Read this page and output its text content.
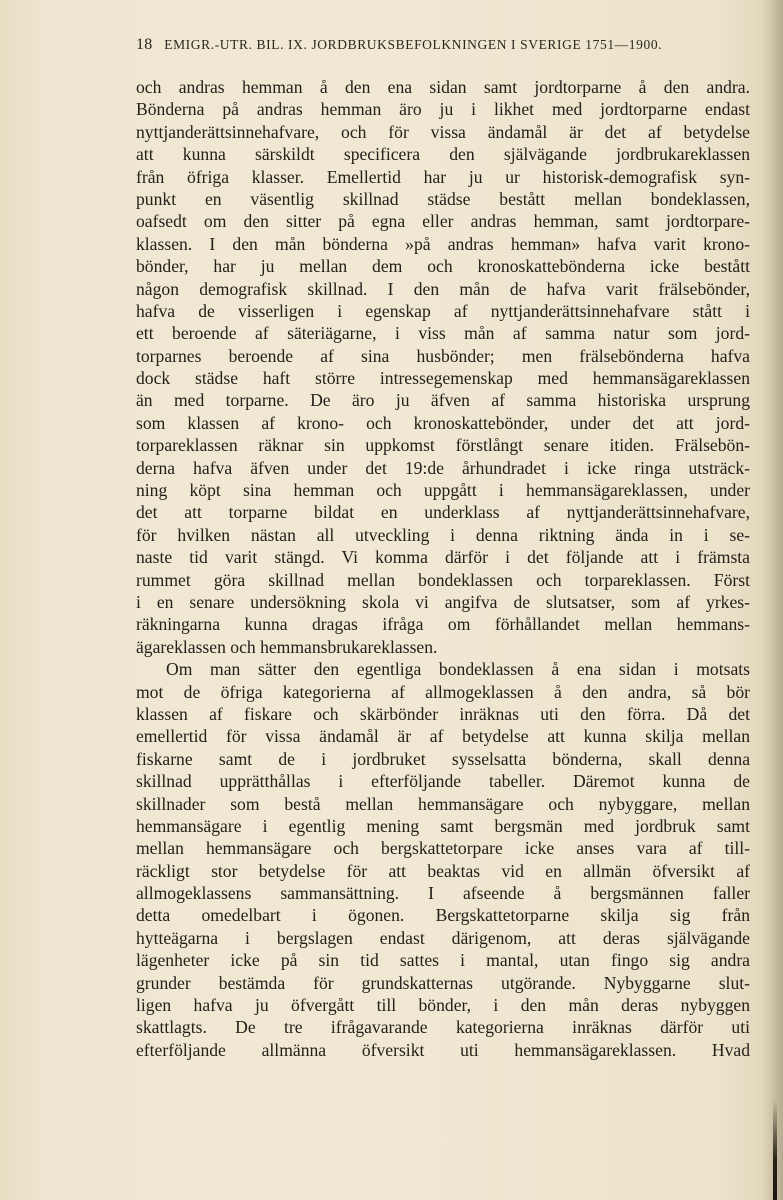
18 EMIGR.-UTR. BIL. IX. JORDBRUKSBEFOLKNINGEN I SVERIGE 1751—1900.
och andras hemman å den ena sidan samt jordtorparne å den andra.
Bönderna på andras hemman äro ju i likhet med jordtorparne endast
nyttjanderättsinnehafvare, och för vissa ändamål är det af betydelse
att kunna särskildt specificera den självägande jordbrukareklassen
från öfriga klasser. Emellertid har ju ur historisk-demografisk syn-
punkt en väsentlig skillnad städse bestått mellan bondeklassen,
oafsedt om den sitter på egna eller andras hemman, samt jordtorpare-
klassen. I den mån bönderna »på andras hemman» hafva varit krono-
bönder, har ju mellan dem och kronoskattebönderna icke bestått
någon demografisk skillnad. I den mån de hafva varit frälsebönder,
hafva de visserligen i egenskap af nyttjanderättsinnehafvare stått i
ett beroende af säteriägarne, i viss mån af samma natur som jord-
torparnes beroende af sina husbönder; men frälsebönderna hafva
dock städse haft större intressegemenskap med hemmansägareklassen
än med torparne. De äro ju äfven af samma historiska ursprung
som klassen af krono- och kronoskattebönder, under det att jord-
torpareklassen räknar sin uppkomst förstlångt senare itiden. Frälsebön-
derna hafva äfven under det 19:de århundradet i icke ringa utsträck-
ning köpt sina hemman och uppgått i hemmansägareklassen, under
det att torparne bildat en underklass af nyttjanderättsinnehafvare,
för hvilken nästan all utveckling i denna riktning ända in i se-
naste tid varit stängd. Vi komma därför i det följande att i främsta
rummet göra skillnad mellan bondeklassen och torpareklassen. Först
i en senare undersökning skola vi angifva de slutsatser, som af yrkes-
räkningarna kunna dragas ifråga om förhållandet mellan hemmans-
ägareklassen och hemmansbrukareklassen.
Om man sätter den egentliga bondeklassen å ena sidan i motsats
mot de öfriga kategorierna af allmogeklassen å den andra, så bör
klassen af fiskare och skärbönder inräknas uti den förra. Då det
emellertid för vissa ändamål är af betydelse att kunna skilja mellan
fiskarne samt de i jordbruket sysselsatta bönderna, skall denna
skillnad upprätthållas i efterföljande tabeller. Däremot kunna de
skillnader som bestå mellan hemmansägare och nybyggare, mellan
hemmansägare i egentlig mening samt bergsmän med jordbruk samt
mellan hemmansägare och bergskattetorpare icke anses vara af till-
räckligt stor betydelse för att beaktas vid en allmän öfversikt af
allmogeklassens sammansättning. I afseende å bergsmännen faller
detta omedelbart i ögonen. Bergskattetorparne skilja sig från
hytteägarna i bergslagen endast därigenom, att deras självägande
lägenheter icke på sin tid sattes i mantal, utan fingo sig andra
grunder bestämda för grundskatternas utgörande. Nybyggarne slut-
ligen hafva ju öfvergått till bönder, i den mån deras nybyggen
skattlagts. De tre ifrågavarande kategorierna inräknas därför uti
efterföljande allmänna öfversikt uti hemmansägareklassen. Hvad
